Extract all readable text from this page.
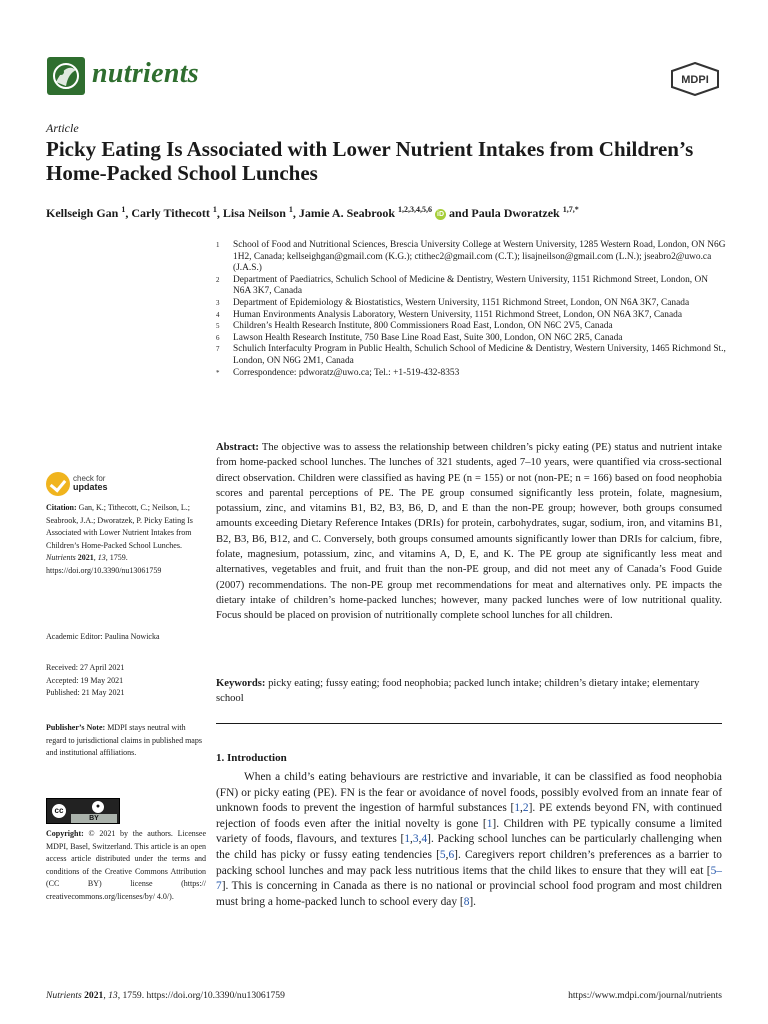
nutrients	MDPI
Article
Picky Eating Is Associated with Lower Nutrient Intakes from Children’s Home-Packed School Lunches
Kellseigh Gan $^1$, Carly Tithecott $^1$, Lisa Neilson $^1$, Jamie A. Seabrook $^{1,2,3,4,5,6}$ iD and Paula Dworatzek $^{1,7,*}$
1	School of Food and Nutritional Sciences, Brescia University College at Western University, 1285 Western Road, London, ON N6G 1H2, Canada; kellseighgan@gmail.com (K.G.); ctithec2@gmail.com (C.T.); lisajneilson@gmail.com (L.N.); jseabro2@uwo.ca (J.A.S.)
2	Department of Paediatrics, Schulich School of Medicine & Dentistry, Western University, 1151 Richmond Street, London, ON N6A 3K7, Canada
3	Department of Epidemiology & Biostatistics, Western University, 1151 Richmond Street, London, ON N6A 3K7, Canada
4	Human Environments Analysis Laboratory, Western University, 1151 Richmond Street, London, ON N6A 3K7, Canada
5	Children’s Health Research Institute, 800 Commissioners Road East, London, ON N6C 2V5, Canada
6	Lawson Health Research Institute, 750 Base Line Road East, Suite 300, London, ON N6C 2R5, Canada
7	Schulich Interfaculty Program in Public Health, Schulich School of Medicine & Dentistry, Western University, 1465 Richmond St., London, ON N6G 2M1, Canada
*	Correspondence: pdworatz@uwo.ca; Tel.: +1-519-432-8353
Abstract: The objective was to assess the relationship between children’s picky eating (PE) status and nutrient intake from home-packed school lunches. The lunches of 321 students, aged 7–10 years, were quantified via cross-sectional direct observation. Children were classified as having PE (n = 155) or not (non-PE; n = 166) based on food neophobia scores and parental perceptions of PE. The PE group consumed significantly less protein, folate, magnesium, potassium, zinc, and vitamins B1, B2, B3, B6, D, and E than the non-PE group; however, both groups consumed amounts exceeding Dietary Reference Intakes (DRIs) for protein, carbohydrates, sugar, sodium, iron, and vitamins B1, B2, B3, B6, B12, and C. Conversely, both groups consumed amounts significantly lower than DRIs for calcium, fibre, folate, magnesium, potassium, zinc, and vitamins A, D, E, and K. The PE group ate significantly less meat and alternatives, vegetables and fruit, and fruit than the non-PE group, and did not meet any of Canada’s Food Guide (2007) recommendations. The non-PE group met recommendations for meat and alternatives only. PE impacts the dietary intake of children’s home-packed lunches; however, many packed lunches were of low nutritional quality. Focus should be placed on provision of nutritionally complete school lunches for all children.
Keywords: picky eating; fussy eating; food neophobia; packed lunch intake; children’s dietary intake; elementary school
1. Introduction
When a child’s eating behaviours are restrictive and invariable, it can be classified as food neophobia (FN) or picky eating (PE). FN is the fear or avoidance of novel foods, possibly evolved from an innate fear of unknown foods to prevent the ingestion of harmful substances [1,2]. PE extends beyond FN, with continued rejection of foods even after the initial novelty is gone [1]. Children with PE typically consume a limited variety of foods, flavours, and textures [1,3,4]. Packing school lunches can be particularly challenging when the child has picky or fussy eating tendencies [5,6]. Caregivers report children’s preferences as a barrier to packing school lunches and may pack less nutritious items that the child likes to ensure that they will eat [5–7]. This is concerning in Canada as there is no national or provincial school food program and most children must bring a home-packed lunch to school every day [8].
check for
updates
Citation: Gan, K.; Tithecott, C.; Neilson, L.; Seabrook, J.A.; Dworatzek, P. Picky Eating Is Associated with Lower Nutrient Intakes from Children’s Home-Packed School Lunches. Nutrients 2021, 13, 1759. https://doi.org/10.3390/nu13061759
Academic Editor: Paulina Nowicka
Received: 27 April 2021
Accepted: 19 May 2021
Published: 21 May 2021
Publisher’s Note: MDPI stays neutral with regard to jurisdictional claims in published maps and institutional affiliations.
cc	●
BY
Copyright: © 2021 by the authors. Licensee MDPI, Basel, Switzerland. This article is an open access article distributed under the terms and conditions of the Creative Commons Attribution (CC BY) license (https:// creativecommons.org/licenses/by/ 4.0/).
Nutrients 2021, 13, 1759. https://doi.org/10.3390/nu13061759	https://www.mdpi.com/journal/nutrients
